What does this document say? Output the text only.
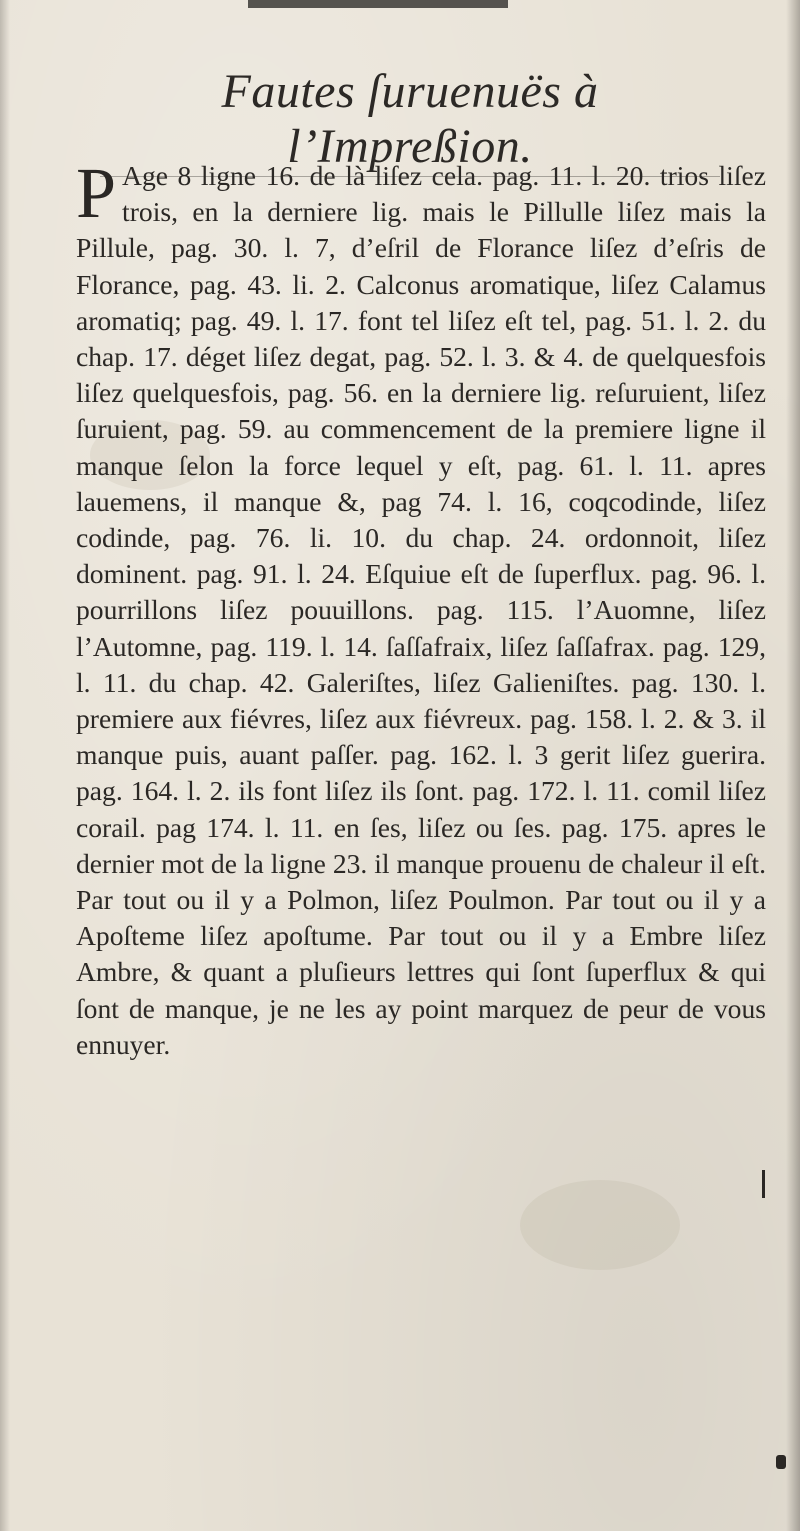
Fautes ſuruenuës à l’Impreßion.
P Age 8 ligne 16. de là liſez cela. pag. 11. l. 20. trios liſez trois, en la derniere lig. mais le Pillulle liſez mais la Pillule, pag. 30. l. 7, d’eſril de Florance liſez d’eſris de Florance, pag. 43. li. 2. Calconus aromatique, liſez Calamus aromatiq; pag. 49. l. 17. font tel liſez eſt tel, pag. 51. l. 2. du chap. 17. déget liſez degat, pag. 52. l. 3. & 4. de quelquesfois liſez quelquesfois, pag. 56. en la derniere lig. reſuruient, liſez ſuruient, pag. 59. au commencement de la premiere ligne il manque ſelon la force lequel y eſt, pag. 61. l. 11. apres lauemens, il manque &, pag 74. l. 16, coqcodinde, liſez codinde, pag. 76. li. 10. du chap. 24. ordonnoit, liſez dominent. pag. 91. l. 24. Eſquiue eſt de ſuperflux. pag. 96. l. pourrillons liſez pouuillons. pag. 115. l’Auomne, liſez l’Automne, pag. 119. l. 14. ſaſſafraix, liſez ſaſſafrax. pag. 129, l. 11. du chap. 42. Galeriſtes, liſez Galieniſtes. pag. 130. l. premiere aux fiévres, liſez aux fiévreux. pag. 158. l. 2. & 3. il manque puis, auant paſſer. pag. 162. l. 3 gerit liſez guerira. pag. 164. l. 2. ils font liſez ils ſont. pag. 172. l. 11. comil liſez corail. pag 174. l. 11. en ſes, liſez ou ſes. pag. 175. apres le dernier mot de la ligne 23. il manque prouenu de chaleur il eſt. Par tout ou il y a Polmon, liſez Poulmon. Par tout ou il y a Apoſteme liſez apoſtume. Par tout ou il y a Embre liſez Ambre, & quant a pluſieurs lettres qui ſont ſuperflux & qui ſont de manque, je ne les ay point marquez de peur de vous ennuyer.
